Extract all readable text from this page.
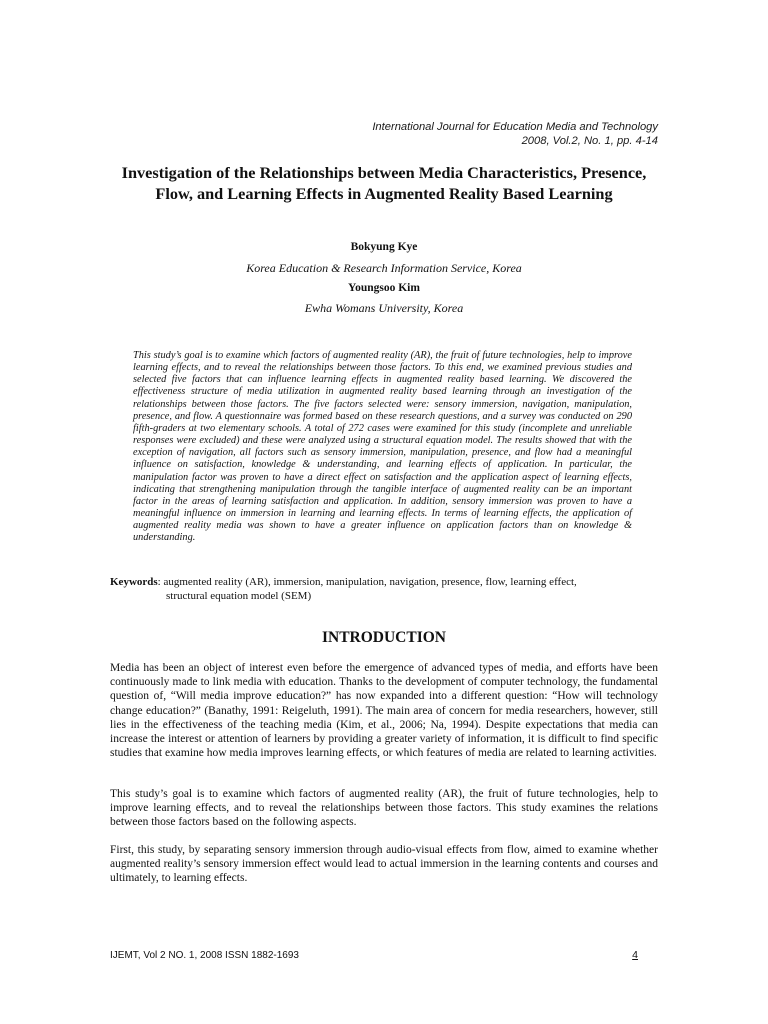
International Journal for Education Media and Technology
2008, Vol.2, No. 1, pp. 4-14
Investigation of the Relationships between Media Characteristics, Presence, Flow, and Learning Effects in Augmented Reality Based Learning
Bokyung Kye
Korea Education & Research Information Service, Korea
Youngsoo Kim
Ewha Womans University, Korea
This study’s goal is to examine which factors of augmented reality (AR), the fruit of future technologies, help to improve learning effects, and to reveal the relationships between those factors. To this end, we examined previous studies and selected five factors that can influence learning effects in augmented reality based learning. We discovered the effectiveness structure of media utilization in augmented reality based learning through an investigation of the relationships between those factors. The five factors selected were: sensory immersion, navigation, manipulation, presence, and flow. A questionnaire was formed based on these research questions, and a survey was conducted on 290 fifth-graders at two elementary schools. A total of 272 cases were examined for this study (incomplete and unreliable responses were excluded) and these were analyzed using a structural equation model. The results showed that with the exception of navigation, all factors such as sensory immersion, manipulation, presence, and flow had a meaningful influence on satisfaction, knowledge & understanding, and learning effects of application. In particular, the manipulation factor was proven to have a direct effect on satisfaction and the application aspect of learning effects, indicating that strengthening manipulation through the tangible interface of augmented reality can be an important factor in the areas of learning satisfaction and application. In addition, sensory immersion was proven to have a meaningful influence on immersion in learning and learning effects. In terms of learning effects, the application of augmented reality media was shown to have a greater influence on application factors than on knowledge & understanding.
Keywords: augmented reality (AR), immersion, manipulation, navigation, presence, flow, learning effect,
structural equation model (SEM)
INTRODUCTION
Media has been an object of interest even before the emergence of advanced types of media, and efforts have been continuously made to link media with education. Thanks to the development of computer technology, the fundamental question of, “Will media improve education?” has now expanded into a different question: “How will technology change education?” (Banathy, 1991: Reigeluth, 1991). The main area of concern for media researchers, however, still lies in the effectiveness of the teaching media (Kim, et al., 2006; Na, 1994). Despite expectations that media can increase the interest or attention of learners by providing a greater variety of information, it is difficult to find specific studies that examine how media improves learning effects, or which features of media are related to learning activities.
This study’s goal is to examine which factors of augmented reality (AR), the fruit of future technologies, help to improve learning effects, and to reveal the relationships between those factors. This study examines the relations between those factors based on the following aspects.
First, this study, by separating sensory immersion through audio-visual effects from flow, aimed to examine whether augmented reality’s sensory immersion effect would lead to actual immersion in the learning contents and courses and ultimately, to learning effects.
IJEMT, Vol 2 NO. 1, 2008 ISSN 1882-1693	4
